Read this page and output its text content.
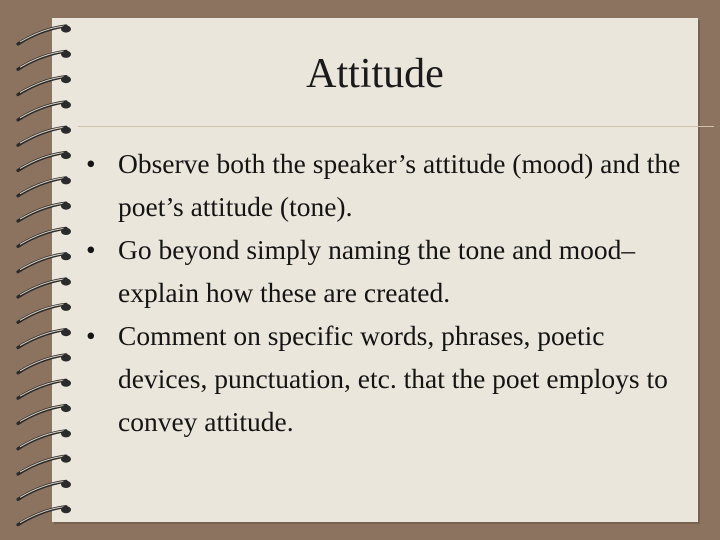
Attitude
• Observe both the speaker’s attitude (mood) and the poet’s attitude (tone).
• Go beyond simply naming the tone and mood– explain how these are created.
• Comment on specific words, phrases, poetic devices, punctuation, etc. that the poet employs to convey attitude.
